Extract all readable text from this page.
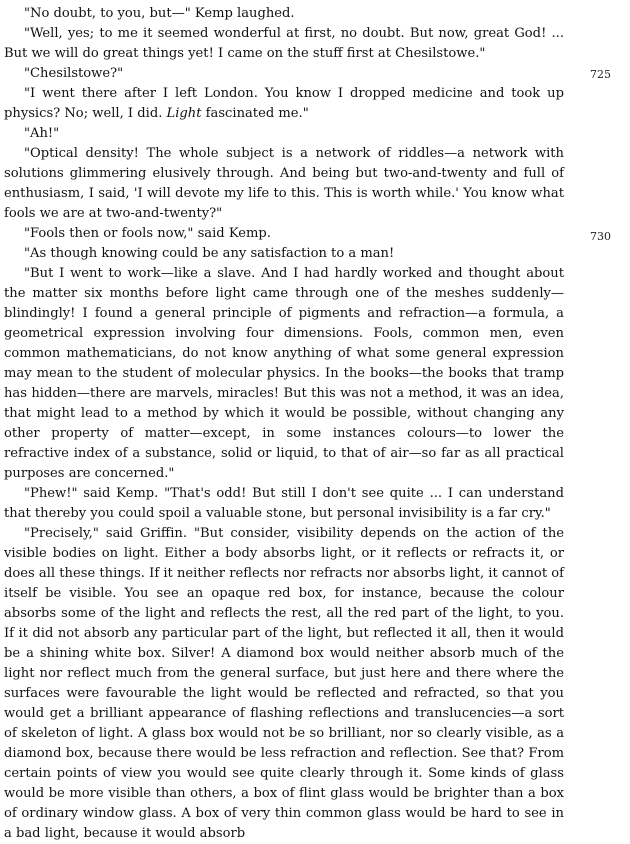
"No doubt, to you, but—" Kemp laughed.

"Well, yes; to me it seemed wonderful at first, no doubt. But now, great God! ... But we will do great things yet! I came on the stuff first at Chesilstowe."

"Chesilstowe?"

"I went there after I left London. You know I dropped medicine and took up physics? No; well, I did. Light fascinated me."

"Ah!"

"Optical density! The whole subject is a network of riddles—a network with solutions glimmering elusively through. And being but two-and-twenty and full of enthusiasm, I said, 'I will devote my life to this. This is worth while.' You know what fools we are at two-and-twenty?"

"Fools then or fools now," said Kemp.

"As though knowing could be any satisfaction to a man!

"But I went to work—like a slave. And I had hardly worked and thought about the matter six months before light came through one of the meshes suddenly—blindingly! I found a general principle of pigments and refraction—a formula, a geometrical expression involving four dimensions. Fools, common men, even common mathematicians, do not know anything of what some general expression may mean to the student of molecular physics. In the books—the books that tramp has hidden—there are marvels, miracles! But this was not a method, it was an idea, that might lead to a method by which it would be possible, without changing any other property of matter—except, in some instances colours—to lower the refractive index of a substance, solid or liquid, to that of air—so far as all practical purposes are concerned."

"Phew!" said Kemp. "That's odd! But still I don't see quite ... I can understand that thereby you could spoil a valuable stone, but personal invisibility is a far cry."

"Precisely," said Griffin. "But consider, visibility depends on the action of the visible bodies on light. Either a body absorbs light, or it reflects or refracts it, or does all these things. If it neither reflects nor refracts nor absorbs light, it cannot of itself be visible. You see an opaque red box, for instance, because the colour absorbs some of the light and reflects the rest, all the red part of the light, to you. If it did not absorb any particular part of the light, but reflected it all, then it would be a shining white box. Silver! A diamond box would neither absorb much of the light nor reflect much from the general surface, but just here and there where the surfaces were favourable the light would be reflected and refracted, so that you would get a brilliant appearance of flashing reflections and translucencies—a sort of skeleton of light. A glass box would not be so brilliant, nor so clearly visible, as a diamond box, because there would be less refraction and reflection. See that? From certain points of view you would see quite clearly through it. Some kinds of glass would be more visible than others, a box of flint glass would be brighter than a box of ordinary window glass. A box of very thin common glass would be hard to see in a bad light, because it would absorb

725
730
